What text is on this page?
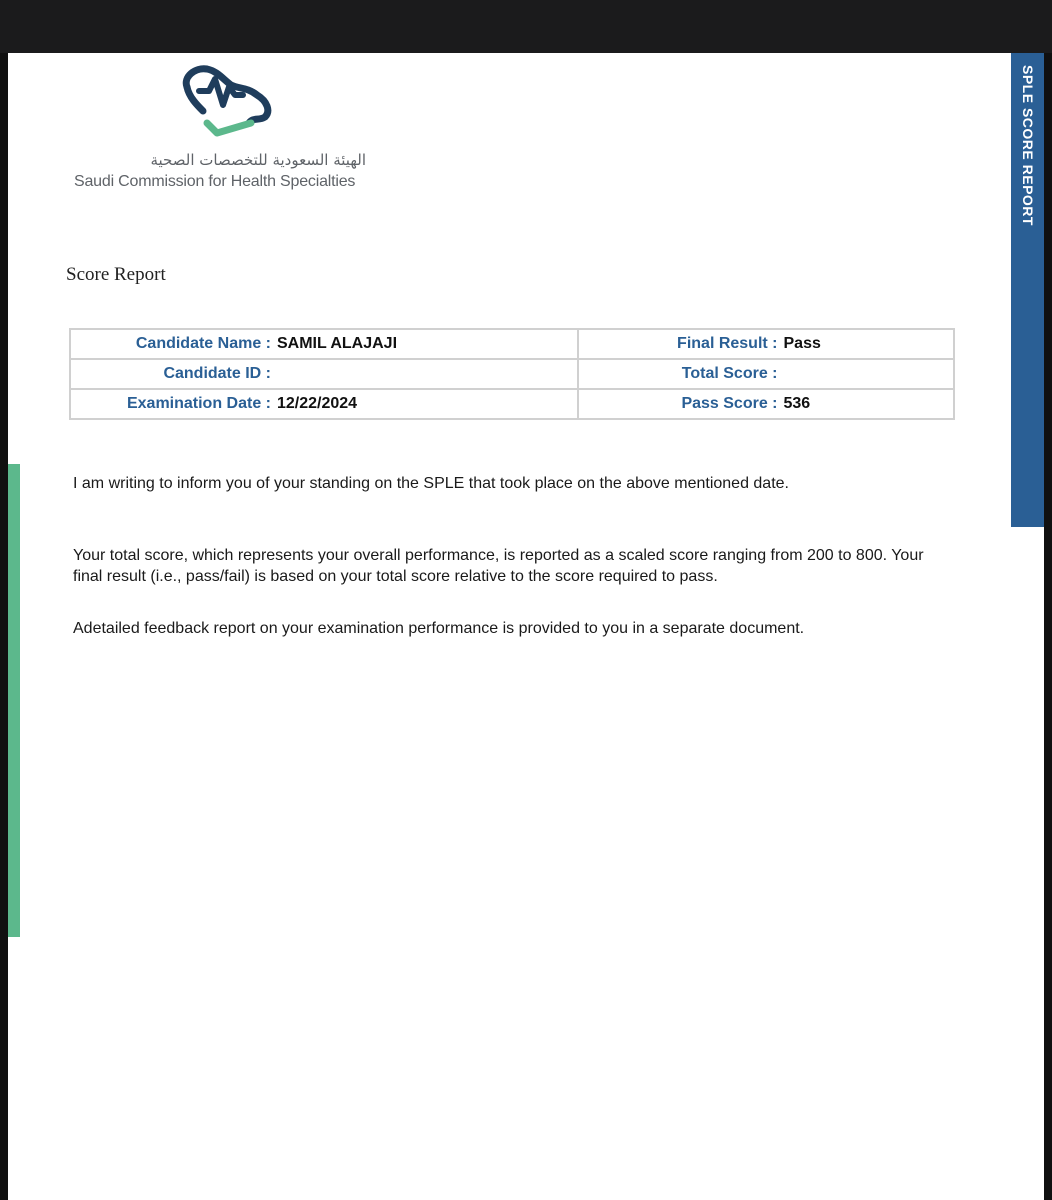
SPLE SCORE REPORT
الهيئة السعودية للتخصصات الصحية
Saudi Commission for Health Specialties
Score Report
Candidate Name : SAMIL ALAJAJI	Final Result : Pass

Candidate ID :	Total Score :

Examination Date : 12/22/2024	Pass Score : 536

I am writing to inform you of your standing on the SPLE that took place on the above mentioned date.

Your total score, which represents your overall performance, is reported as a scaled score ranging from 200 to 800. Your final result (i.e., pass/fail) is based on your total score relative to the score required to pass.

Adetailed feedback report on your examination performance is provided to you in a separate document.
